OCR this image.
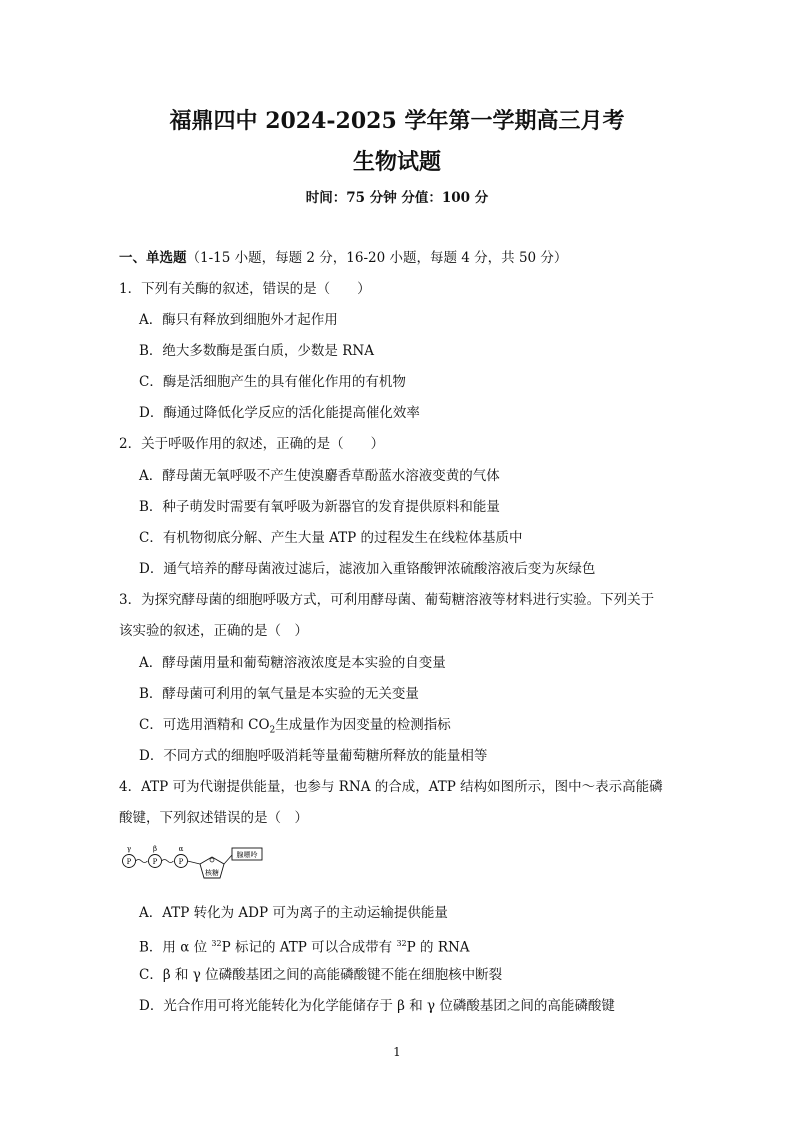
福鼎四中 2024-2025 学年第一学期高三月考
生物试题
时间：75 分钟 分值：100 分
一、单选题（1-15 小题，每题 2 分，16-20 小题，每题 4 分，共 50 分）
1．下列有关酶的叙述，错误的是（　　）
A．酶只有释放到细胞外才起作用
B．绝大多数酶是蛋白质，少数是 RNA
C．酶是活细胞产生的具有催化作用的有机物
D．酶通过降低化学反应的活化能提高催化效率
2．关于呼吸作用的叙述，正确的是（　　）
A．酵母菌无氧呼吸不产生使溴麝香草酚蓝水溶液变黄的气体
B．种子萌发时需要有氧呼吸为新器官的发育提供原料和能量
C．有机物彻底分解、产生大量 ATP 的过程发生在线粒体基质中
D．通气培养的酵母菌液过滤后，滤液加入重铬酸钾浓硫酸溶液后变为灰绿色
3．为探究酵母菌的细胞呼吸方式，可利用酵母菌、葡萄糖溶液等材料进行实验。下列关于
该实验的叙述，正确的是（　）
A．酵母菌用量和葡萄糖溶液浓度是本实验的自变量
B．酵母菌可利用的氧气量是本实验的无关变量
C．可选用酒精和 $CO_2$生成量作为因变量的检测指标
D．不同方式的细胞呼吸消耗等量葡萄糖所释放的能量相等
4．ATP 可为代谢提供能量，也参与 RNA 的合成，ATP 结构如图所示，图中～表示高能磷
酸键，下列叙述错误的是（　）
γ	β	α
P	P	P
核糖
腺嘌呤
A．ATP 转化为 ADP 可为离子的主动运输提供能量
B．用 α 位 $^{32}$P 标记的 ATP 可以合成带有 $^{32}$P 的 RNA
C．β 和 γ 位磷酸基团之间的高能磷酸键不能在细胞核中断裂
D．光合作用可将光能转化为化学能储存于 β 和 γ 位磷酸基团之间的高能磷酸键
1
